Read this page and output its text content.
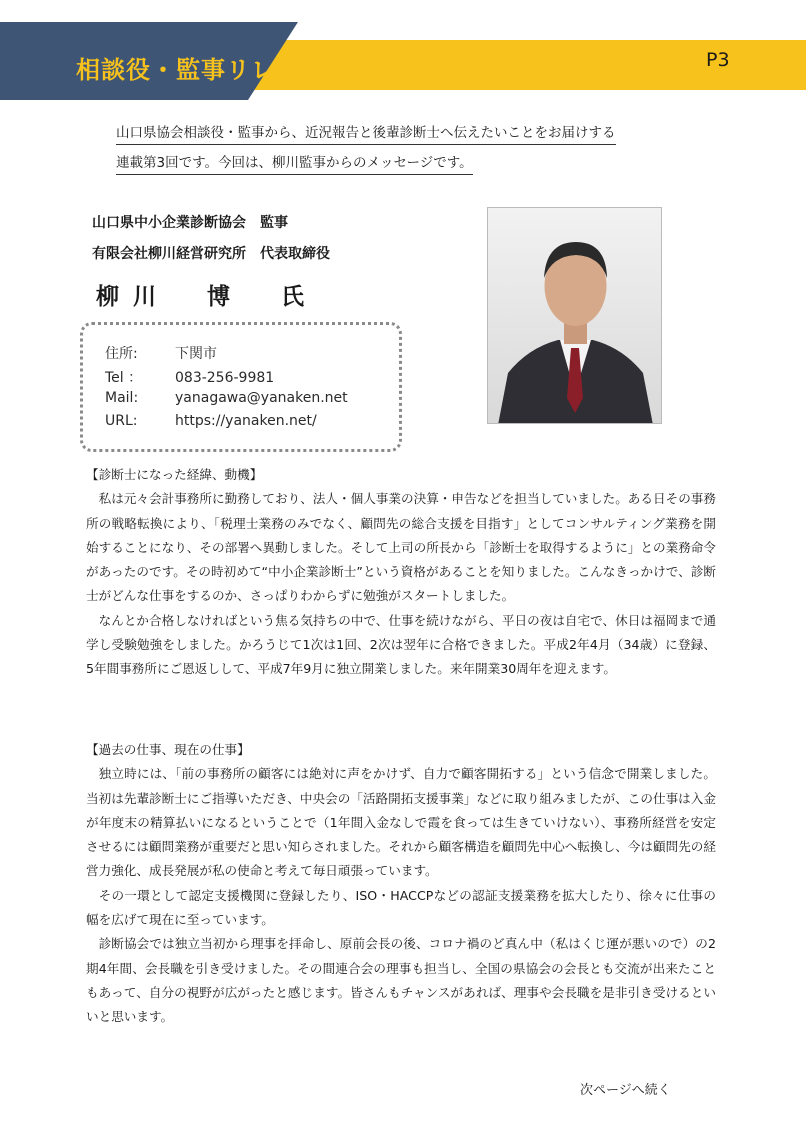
相談役・監事リレー	P3

山口県協会相談役・監事から、近況報告と後輩診断士へ伝えたいことをお届けする

連載第3回です。今回は、柳川監事からのメッセージです。

山口県中小企業診断協会　監事
有限会社柳川経営研究所　代表取締役
柳川　博　氏
住所:	下関市
Tel ： 083-256-9981
Mail:	yanagawa@yanaken.net
URL:	https://yanaken.net/
【診断士になった経緯、動機】

私は元々会計事務所に勤務しており、法人・個人事業の決算・申告などを担当していました。ある日その事務所の戦略転換により、「税理士業務のみでなく、顧問先の総合支援を目指す」としてコンサルティング業務を開始することになり、その部署へ異動しました。そして上司の所長から「診断士を取得するように」との業務命令があったのです。その時初めて“中小企業診断士”という資格があることを知りました。こんなきっかけで、診断士がどんな仕事をするのか、さっぱりわからずに勉強がスタートしました。

なんとか合格しなければという焦る気持ちの中で、仕事を続けながら、平日の夜は自宅で、休日は福岡まで通学し受験勉強をしました。かろうじて1次は1回、2次は翌年に合格できました。平成2年4月（34歳）に登録、5年間事務所にご恩返しして、平成7年9月に独立開業しました。来年開業30周年を迎えます。

【過去の仕事、現在の仕事】

独立時には、「前の事務所の顧客には絶対に声をかけず、自力で顧客開拓する」という信念で開業しました。当初は先輩診断士にご指導いただき、中央会の「活路開拓支援事業」などに取り組みましたが、この仕事は入金が年度末の精算払いになるということで（1年間入金なしで霞を食っては生きていけない）、事務所経営を安定させるには顧問業務が重要だと思い知らされました。それから顧客構造を顧問先中心へ転換し、今は顧問先の経営力強化、成長発展が私の使命と考えて毎日頑張っています。

その一環として認定支援機関に登録したり、ISO・HACCPなどの認証支援業務を拡大したり、徐々に仕事の幅を広げて現在に至っています。

診断協会では独立当初から理事を拝命し、原前会長の後、コロナ禍のど真ん中（私はくじ運が悪いので）の2期4年間、会長職を引き受けました。その間連合会の理事も担当し、全国の県協会の会長とも交流が出来たこともあって、自分の視野が広がったと感じます。皆さんもチャンスがあれば、理事や会長職を是非引き受けるといいと思います。

次ページへ続く
